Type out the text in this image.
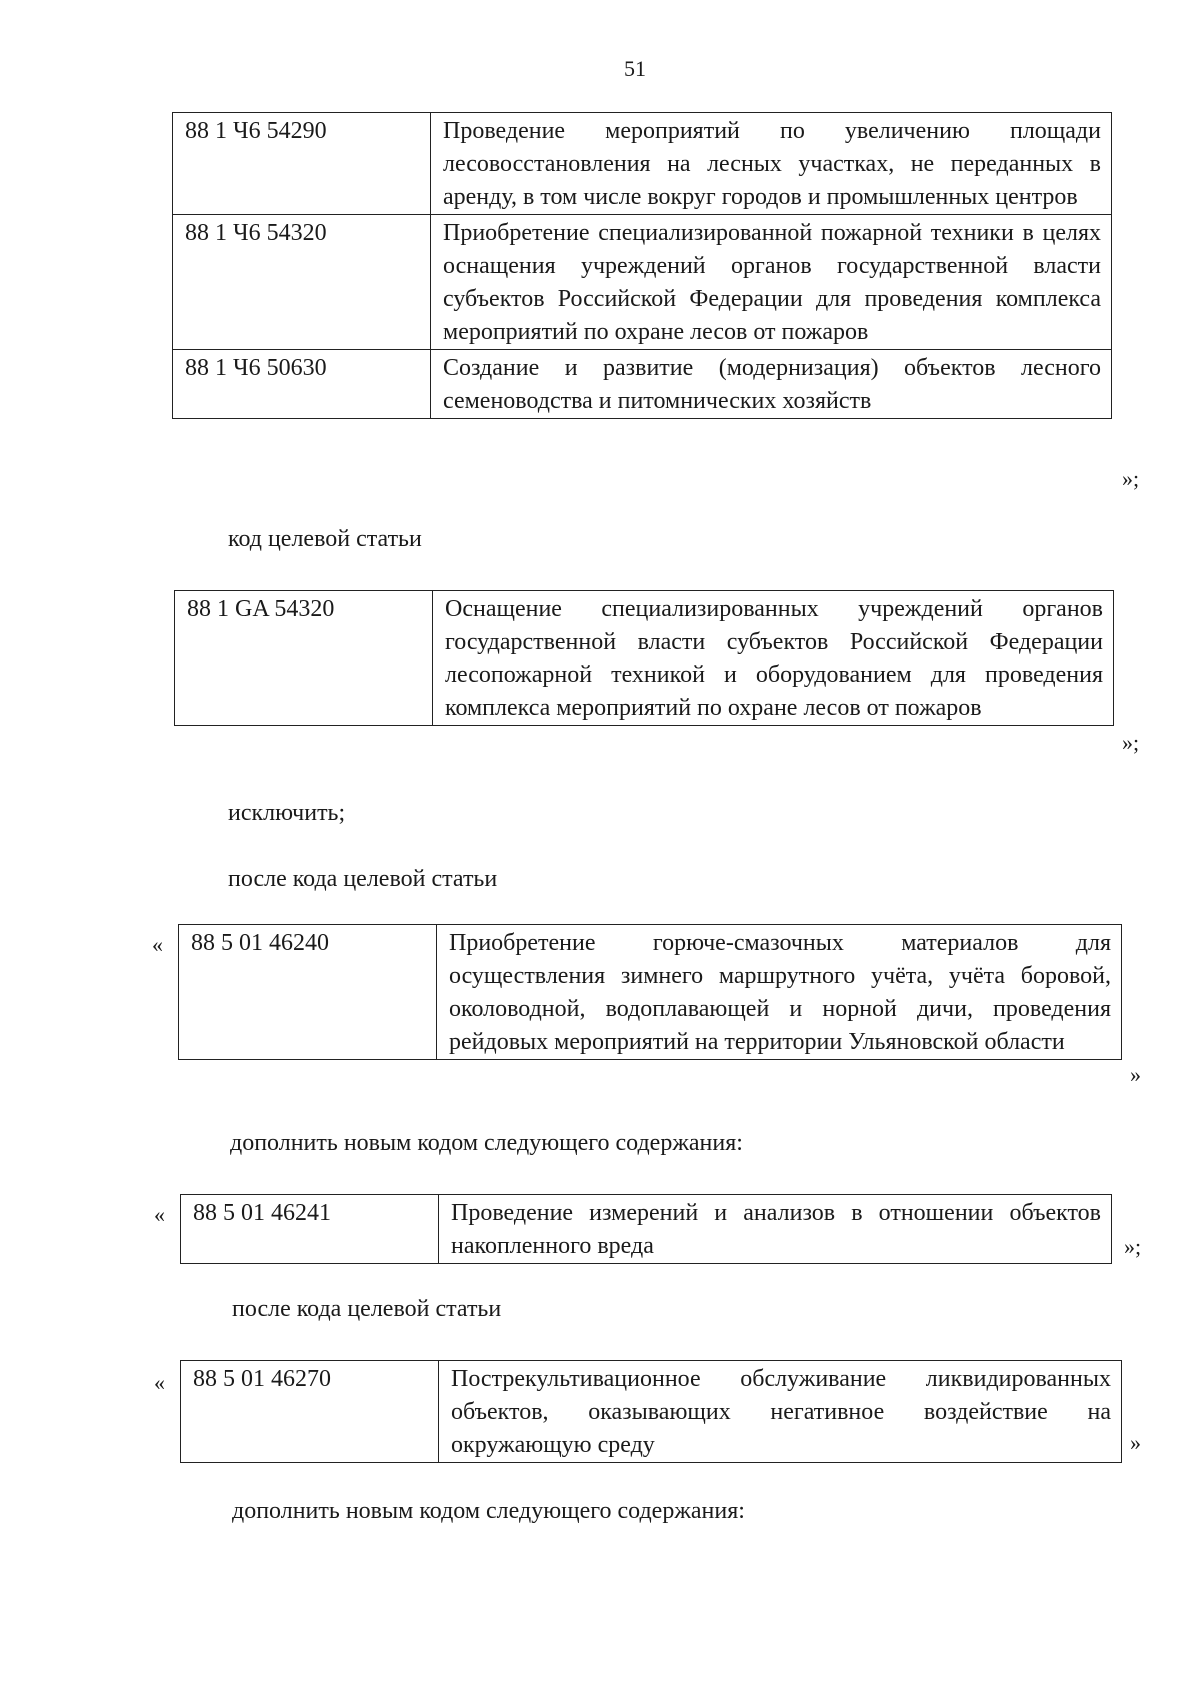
51
88 1 Ч6 54290	Проведение мероприятий по увеличению площади лесовосстановления на лесных участках, не переданных в аренду, в том числе вокруг городов и промышленных центров
88 1 Ч6 54320	Приобретение специализированной пожарной техники в целях оснащения учреждений органов государственной власти субъектов Российской Федерации для проведения комплекса мероприятий по охране лесов от пожаров
88 1 Ч6 50630	Создание и развитие (модернизация) объектов лесного семеноводства и питомнических хозяйств
»;
код целевой статьи
88 1 GA 54320	Оснащение специализированных учреждений органов государственной власти субъектов Российской Федерации лесопожарной техникой и оборудованием для проведения комплекса мероприятий по охране лесов от пожаров
»;
исключить;
после кода целевой статьи
« 88 5 01 46240	Приобретение горюче-смазочных материалов для осуществления зимнего маршрутного учёта, учёта боровой, околоводной, водоплавающей и норной дичи, проведения рейдовых мероприятий на территории Ульяновской области
»
дополнить новым кодом следующего содержания:
« 88 5 01 46241	Проведение измерений и анализов в отношении объектов накопленного вреда	»;
после кода целевой статьи
« 88 5 01 46270	Пострекультивационное обслуживание ликвидированных объектов, оказывающих негативное воздействие на окружающую среду	»
дополнить новым кодом следующего содержания:
